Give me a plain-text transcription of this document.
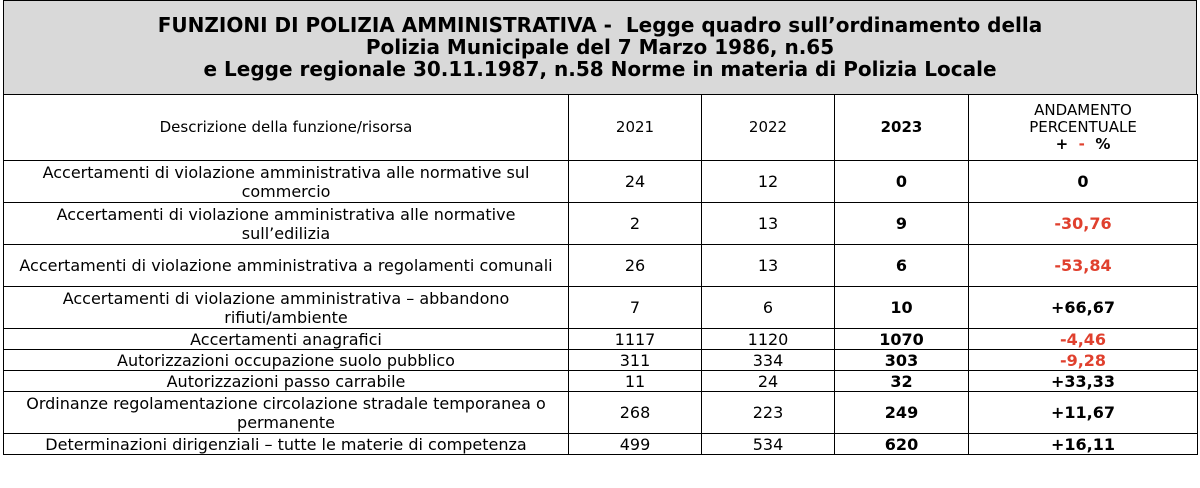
FUNZIONI DI POLIZIA AMMINISTRATIVA - Legge quadro sull’ordinamento della
Polizia Municipale del 7 Marzo 1986, n.65
e Legge regionale 30.11.1987, n.58 Norme in materia di Polizia Locale
Descrizione della funzione/risorsa	2021	2022	2023	ANDAMENTO
PERCENTUALE
+ - %

Accertamenti di violazione amministrativa alle normative sul commercio	24	12	0	0
Accertamenti di violazione amministrativa alle normative sull’edilizia	2	13	9	-30,76
Accertamenti di violazione amministrativa a regolamenti comunali	26	13	6	-53,84
Accertamenti di violazione amministrativa – abbandono rifiuti/ambiente	7	6	10	+66,67
Accertamenti anagrafici	1117	1120	1070	-4,46
Autorizzazioni occupazione suolo pubblico	311	334	303	-9,28
Autorizzazioni passo carrabile	11	24	32	+33,33
Ordinanze regolamentazione circolazione stradale temporanea o permanente	268	223	249	+11,67
Determinazioni dirigenziali – tutte le materie di competenza	499	534	620	+16,11
